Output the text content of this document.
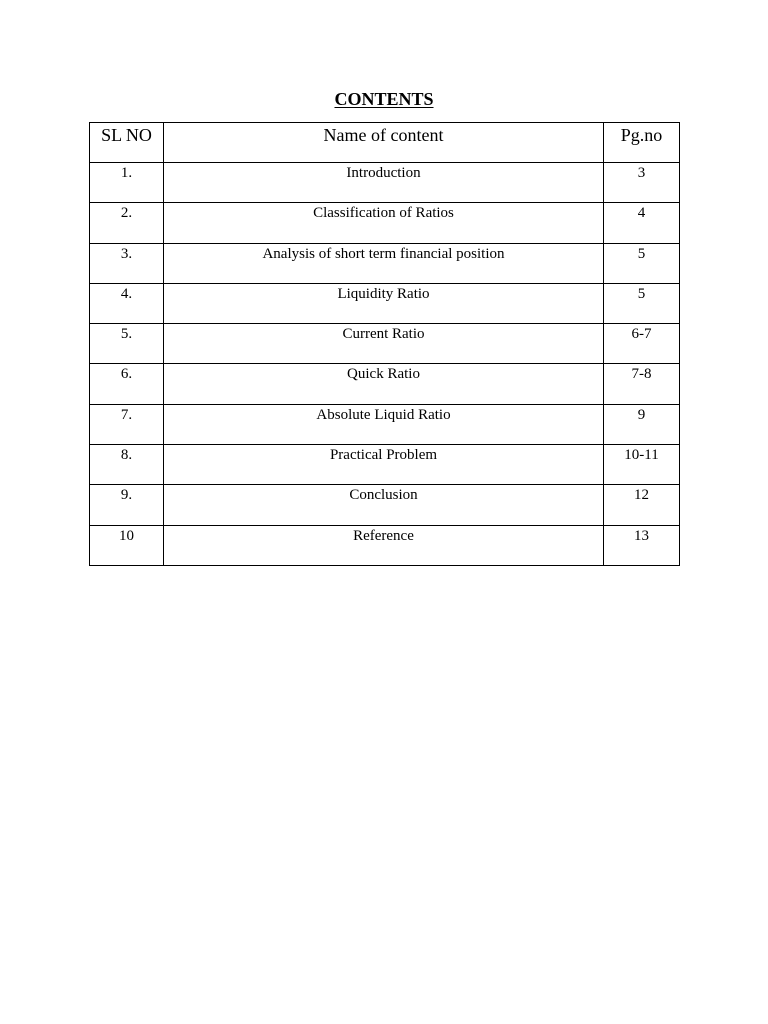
CONTENTS
SL NO	Name of content	Pg.no
1.	Introduction	3
2.	Classification of Ratios	4
3.	Analysis of short term financial position	5
4.	Liquidity Ratio	5
5.	Current Ratio	6-7
6.	Quick Ratio	7-8
7.	Absolute Liquid Ratio	9
8.	Practical Problem	10-11
9.	Conclusion	12
10	Reference	13
